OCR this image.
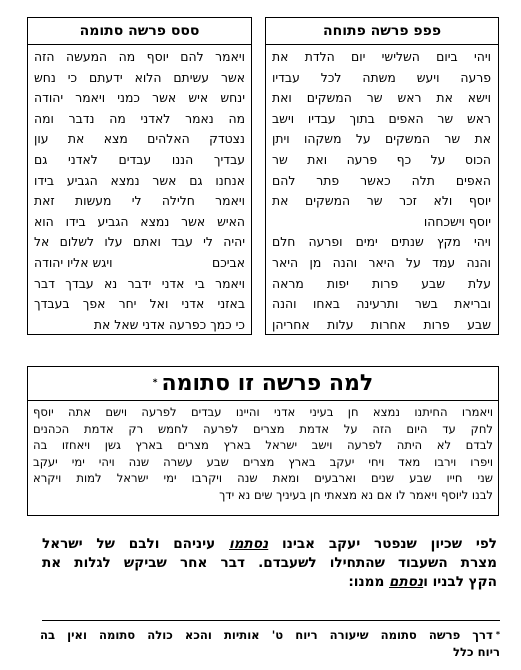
פפפ פרשה פתוחה
ויהי ביום השלישי יום הלדת את
פרעה ויעש משתה לכל עבדיו
וישא את ראש שר המשקים ואת
ראש שר האפים בתוך עבדיו וישב
את שר המשקים על משקהו ויתן
הכוס על כף פרעה ואת שר
האפים תלה כאשר פתר להם
יוסף ולא זכר שר המשקים את
יוסף וישכחהו
ויהי מקץ שנתים ימים ופרעה חלם
והנה עמד על היאר והנה מן היאר
עלת שבע פרות יפות מראה
ובריאת בשר ותרעינה באחו והנה
שבע פרות אחרות עלות אחריהן
ססס פרשה סתומה
ויאמר להם יוסף מה המעשה הזה
אשר עשיתם הלוא ידעתם כי נחש
ינחש איש אשר כמני ויאמר יהודה
מה נאמר לאדני מה נדבר ומה
נצטדק האלהים מצא את עון
עבדיך הננו עבדים לאדני גם
אנחנו גם אשר נמצא הגביע בידו
ויאמר חלילה לי מעשות זאת
האיש אשר נמצא הגביע בידו הוא
יהיה לי עבד ואתם עלו לשלום אל
אביכם
ויגש אליו יהודה
ויאמר בי אדני ידבר נא עבדך דבר
באזני אדני ואל יחר אפך בעבדך
כי כמך כפרעה אדני שאל את
למה פרשה זו סתומה*
ויאמרו החיתנו נמצא חן בעיני אדני והיינו עבדים לפרעה וישם אתה יוסף
לחק עד היום הזה על אדמת מצרים לפרעה לחמש רק אדמת הכהנים
לבדם לא היתה לפרעה וישב ישראל בארץ מצרים בארץ גשן ויאחזו בה
ויפרו וירבו מאד ויחי יעקב בארץ מצרים שבע עשרה שנה ויהי ימי יעקב
שני חייו שבע שנים וארבעים ומאת שנה ויקרבו ימי ישראל למות ויקרא
לבנו ליוסף ויאמר לו אם נא מצאתי חן בעיניך שים נא ידך
לפי שכיון שנפטר יעקב אבינו נסתמו עיניהם ולבם של ישראל
מצרת השעבוד שהתחילו לשעבדם. דבר אחר שביקש לגלות את
הקץ לבניו ונסתם ממנו:
*דרך פרשה סתומה שיעורה ריוח ט' אותיות והכא כולה סתומה ואין בה
ריוח כלל
